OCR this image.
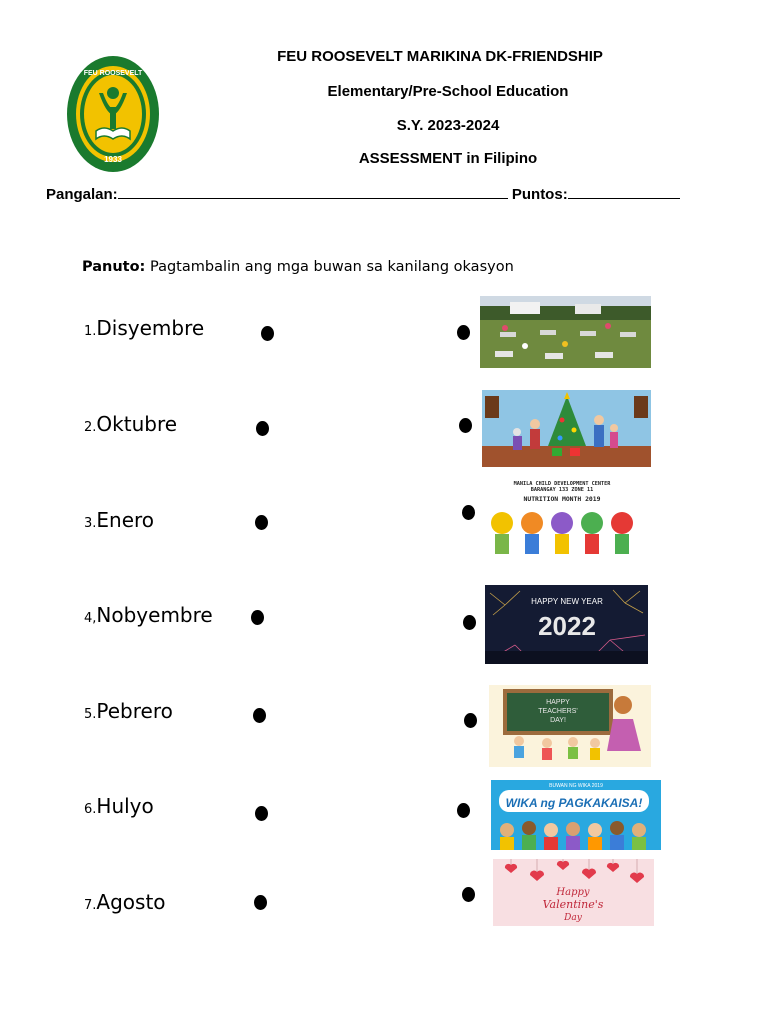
1933
FEU ROOSEVELT
FEU ROOSEVELT MARIKINA DK-FRIENDSHIP
Elementary/Pre-School Education
S.Y. 2023-2024
ASSESSMENT in Filipino
Pangalan:	Puntos:
Panuto: Pagtambalin ang mga buwan sa kanilang okasyon
1.Disyembre
2.Oktubre
3.Enero
4,Nobyembre
5.Pebrero
6.Hulyo
7.Agosto
MANILA CHILD DEVELOPMENT CENTER
BARANGAY 133 ZONE 11
NUTRITION MONTH 2019
HAPPY NEW YEAR
2022
HAPPY
TEACHERS'
DAY!
BUWAN NG WIKA 2019
WIKA ng PAGKAKAISA!
Happy
Valentine's
Day
